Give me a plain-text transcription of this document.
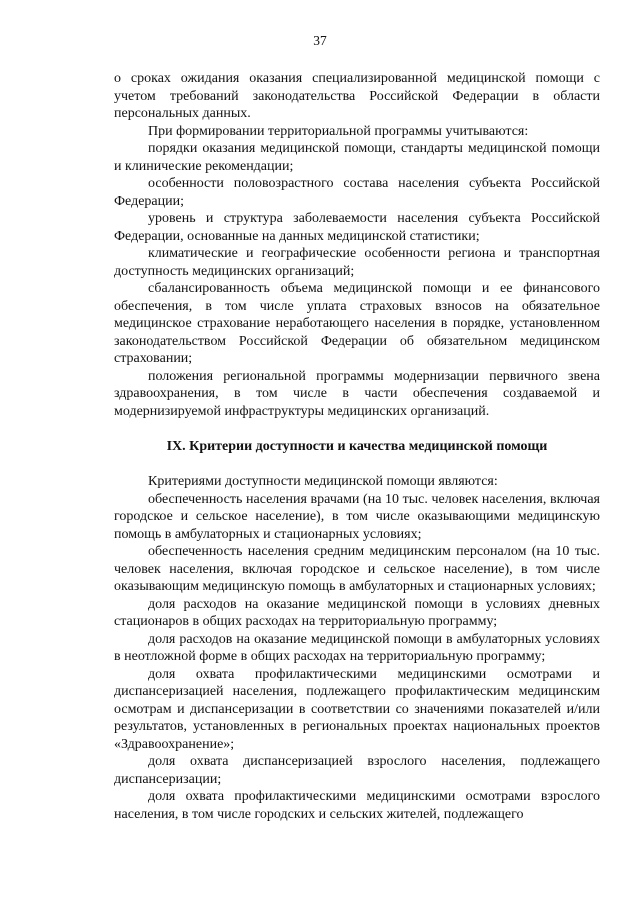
37

о сроках ожидания оказания специализированной медицинской помощи с учетом требований законодательства Российской Федерации в области персональных данных.

При формировании территориальной программы учитываются:

порядки оказания медицинской помощи, стандарты медицинской помощи и клинические рекомендации;

особенности половозрастного состава населения субъекта Российской Федерации;

уровень и структура заболеваемости населения субъекта Российской Федерации, основанные на данных медицинской статистики;

климатические и географические особенности региона и транспортная доступность медицинских организаций;

сбалансированность объема медицинской помощи и ее финансового обеспечения, в том числе уплата страховых взносов на обязательное медицинское страхование неработающего населения в порядке, установленном законодательством Российской Федерации об обязательном медицинском страховании;

положения региональной программы модернизации первичного звена здравоохранения, в том числе в части обеспечения создаваемой и модернизируемой инфраструктуры медицинских организаций.

IX. Критерии доступности и качества медицинской помощи

Критериями доступности медицинской помощи являются:

обеспеченность населения врачами (на 10 тыс. человек населения, включая городское и сельское население), в том числе оказывающими медицинскую помощь в амбулаторных и стационарных условиях;

обеспеченность населения средним медицинским персоналом (на 10 тыс. человек населения, включая городское и сельское население), в том числе оказывающим медицинскую помощь в амбулаторных и стационарных условиях;

доля расходов на оказание медицинской помощи в условиях дневных стационаров в общих расходах на территориальную программу;

доля расходов на оказание медицинской помощи в амбулаторных условиях в неотложной форме в общих расходах на территориальную программу;

доля охвата профилактическими медицинскими осмотрами и диспансеризацией населения, подлежащего профилактическим медицинским осмотрам и диспансеризации в соответствии со значениями показателей и/или результатов, установленных в региональных проектах национальных проектов «Здравоохранение»;

доля охвата диспансеризацией взрослого населения, подлежащего диспансеризации;

доля охвата профилактическими медицинскими осмотрами взрослого населения, в том числе городских и сельских жителей, подлежащего
